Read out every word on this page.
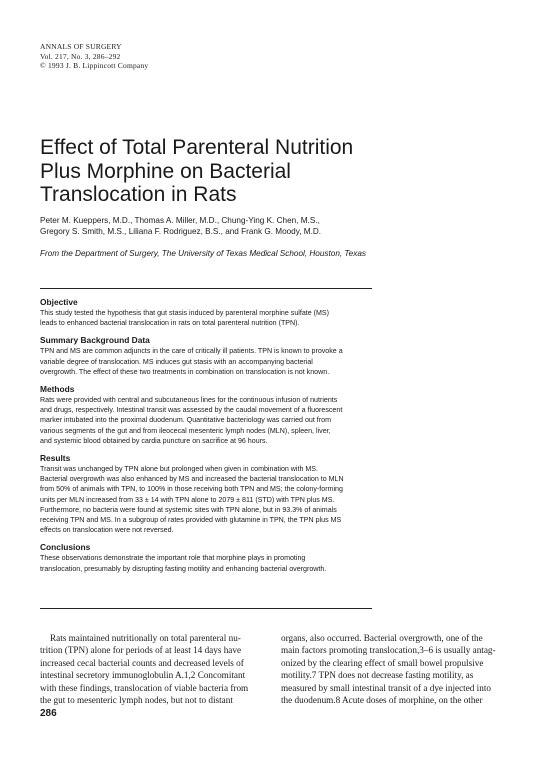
ANNALS OF SURGERY
Vol. 217, No. 3, 286–292
© 1993 J. B. Lippincott Company
Effect of Total Parenteral Nutrition
Plus Morphine on Bacterial
Translocation in Rats
Peter M. Kueppers, M.D., Thomas A. Miller, M.D., Chung-Ying K. Chen, M.S.,
Gregory S. Smith, M.S., Liliana F. Rodriguez, B.S., and Frank G. Moody, M.D.
From the Department of Surgery, The University of Texas Medical School, Houston, Texas

Objective

This study tested the hypothesis that gut stasis induced by parenteral morphine sulfate (MS)
leads to enhanced bacterial translocation in rats on total parenteral nutrition (TPN).

Summary Background Data

TPN and MS are common adjuncts in the care of critically ill patients. TPN is known to provoke a
variable degree of translocation. MS induces gut stasis with an accompanying bacterial
overgrowth. The effect of these two treatments in combination on translocation is not known.

Methods

Rats were provided with central and subcutaneous lines for the continuous infusion of nutrients
and drugs, respectively. Intestinal transit was assessed by the caudal movement of a fluorescent
marker intubated into the proximal duodenum. Quantitative bacteriology was carried out from
various segments of the gut and from ileocecal mesenteric lymph nodes (MLN), spleen, liver,
and systemic blood obtained by cardia puncture on sacrifice at 96 hours.

Results

Transit was unchanged by TPN alone but prolonged when given in combination with MS.
Bacterial overgrowth was also enhanced by MS and increased the bacterial translocation to MLN
from 50% of animals with TPN, to 100% in those receiving both TPN and MS; the colony-forming
units per MLN increased from 33 ± 14 with TPN alone to 2079 ± 811 (STD) with TPN plus MS.
Furthermore, no bacteria were found at systemic sites with TPN alone, but in 93.3% of animals
receiving TPN and MS. In a subgroup of rates provided with glutamine in TPN, the TPN plus MS
effects on translocation were not reversed.

Conclusions

These observations demonstrate the important role that morphine plays in promoting
translocation, presumably by disrupting fasting motility and enhancing bacterial overgrowth.

Rats maintained nutritionally on total parenteral nu-
trition (TPN) alone for periods of at least 14 days have
increased cecal bacterial counts and decreased levels of
intestinal secretory immunoglobulin A.1,2 Concomitant
with these findings, translocation of viable bacteria from
the gut to mesenteric lymph nodes, but not to distant
organs, also occurred. Bacterial overgrowth, one of the
main factors promoting translocation,3–6 is usually antag-
onized by the clearing effect of small bowel propulsive
motility.7 TPN does not decrease fasting motility, as
measured by small intestinal transit of a dye injected into
the duodenum.8 Acute doses of morphine, on the other
286
